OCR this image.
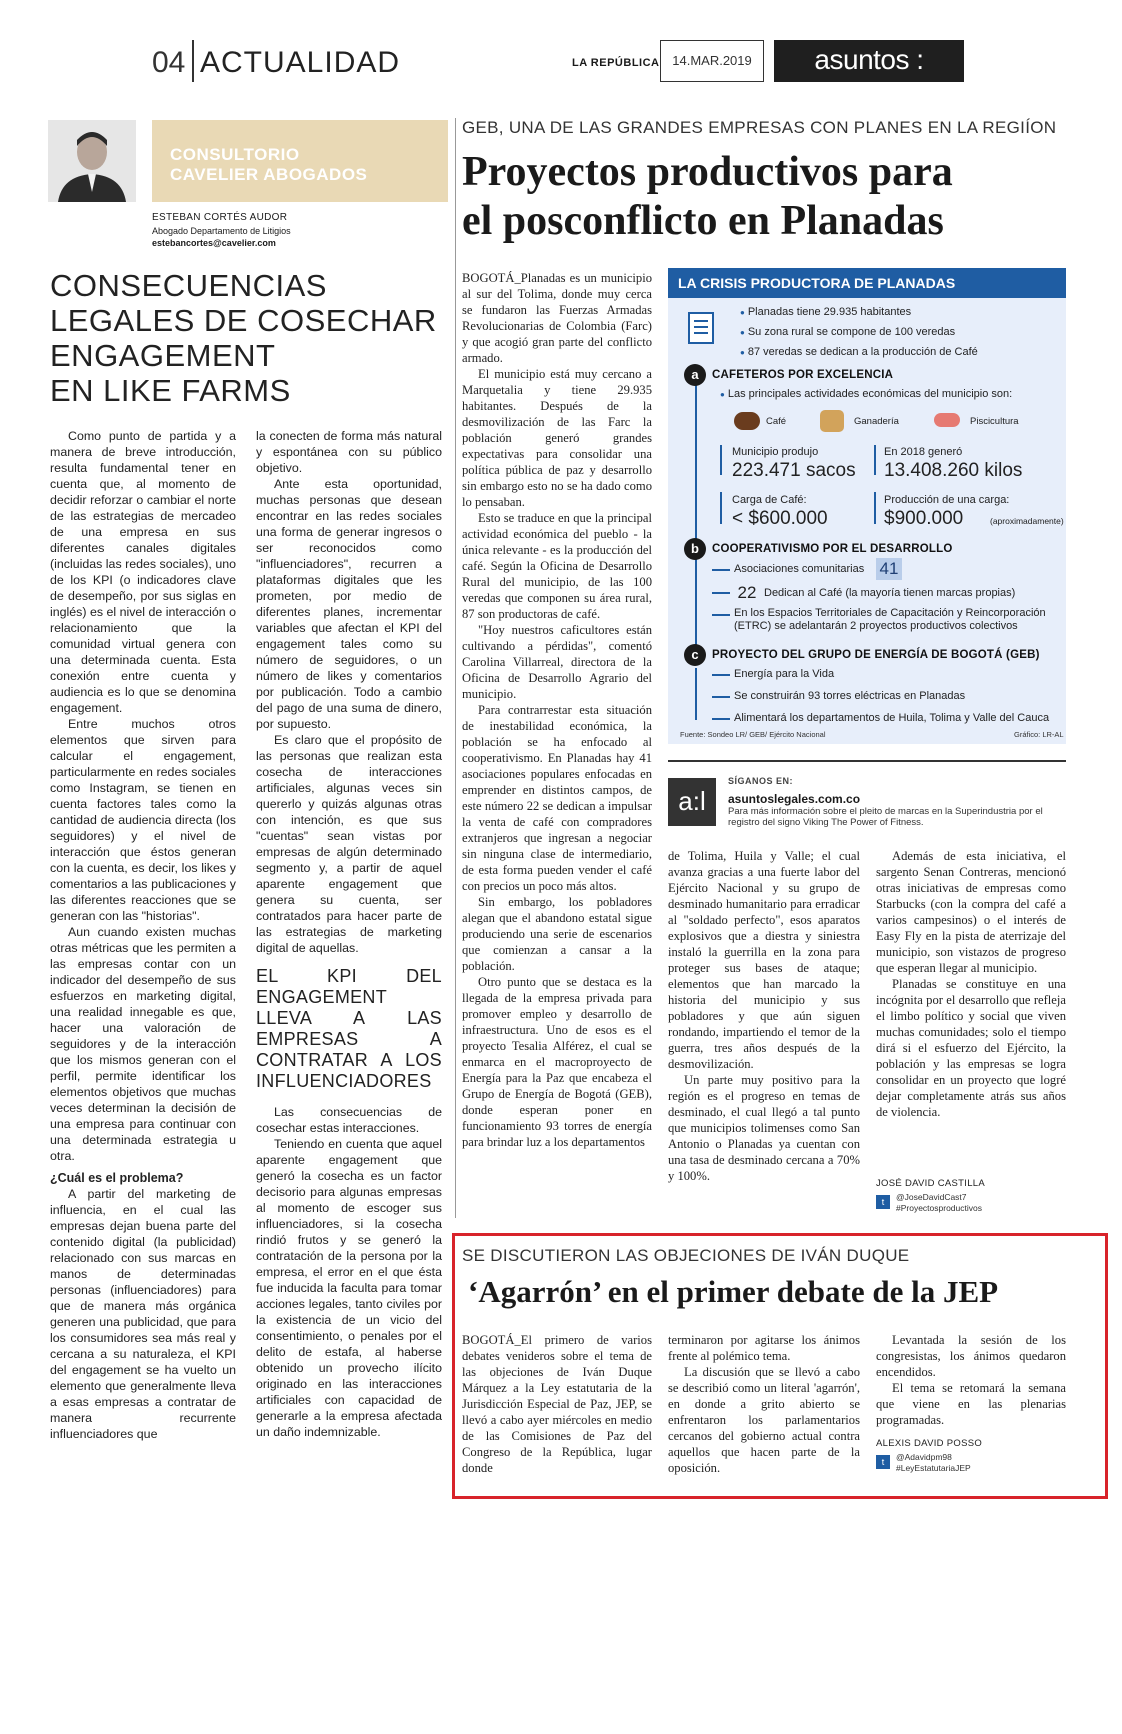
04 ACTUALIDAD	LA REPÚBLICA 14.MAR.2019	asuntos : legales
CONSULTORIO
CAVELIER ABOGADOS
ESTEBAN CORTÉS AUDOR
Abogado Departamento de Litigios
estebancortes@cavelier.com
CONSECUENCIAS
LEGALES DE COSECHAR
ENGAGEMENT
EN LIKE FARMS

Como punto de partida y a manera de breve introducción, resulta fundamental tener en cuenta que, al momento de decidir reforzar o cambiar el norte de las estrategias de mercadeo de una empresa en sus diferentes canales digitales (incluidas las redes sociales), uno de los KPI (o indicadores clave de desempeño, por sus siglas en inglés) es el nivel de interacción o relacionamiento que la comunidad virtual genera con una determinada cuenta. Esta conexión entre cuenta y audiencia es lo que se denomina engagement.

Entre muchos otros elementos que sirven para calcular el engagement, particularmente en redes sociales como Instagram, se tienen en cuenta factores tales como la cantidad de audiencia directa (los seguidores) y el nivel de interacción que éstos generan con la cuenta, es decir, los likes y comentarios a las publicaciones y las diferentes reacciones que se generan con las "historias".

Aun cuando existen muchas otras métricas que les permiten a las empresas contar con un indicador del desempeño de sus esfuerzos en marketing digital, una realidad innegable es que, hacer una valoración de seguidores y de la interacción que los mismos generan con el perfil, permite identificar los elementos objetivos que muchas veces determinan la decisión de una empresa para continuar con una determinada estrategia u otra.

¿Cuál es el problema?

A partir del marketing de influencia, en el cual las empresas dejan buena parte del contenido digital (la publicidad) relacionado con sus marcas en manos de determinadas personas (influenciadores) para que de manera más orgánica generen una publicidad, que para los consumidores sea más real y cercana a su naturaleza, el KPI del engagement se ha vuelto un elemento que generalmente lleva a esas empresas a contratar de manera recurrente influenciadores que

la conecten de forma más natural y espontánea con su público objetivo.

Ante esta oportunidad, muchas personas que desean encontrar en las redes sociales una forma de generar ingresos o ser reconocidos como "influenciadores", recurren a plataformas digitales que les prometen, por medio de diferentes planes, incrementar variables que afectan el KPI del engagement tales como su número de seguidores, o un número de likes y comentarios por publicación. Todo a cambio del pago de una suma de dinero, por supuesto.

Es claro que el propósito de las personas que realizan esta cosecha de interacciones artificiales, algunas veces sin quererlo y quizás algunas otras con intención, es que sus "cuentas" sean vistas por empresas de algún determinado segmento y, a partir de aquel aparente engagement que genera su cuenta, ser contratados para hacer parte de las estrategias de marketing digital de aquellas.

EL KPI DEL ENGAGEMENT LLEVA A LAS EMPRESAS A CONTRATAR A LOS INFLUENCIADORES

Las consecuencias de cosechar estas interacciones.

Teniendo en cuenta que aquel aparente engagement que generó la cosecha es un factor decisorio para algunas empresas al momento de escoger sus influenciadores, si la cosecha rindió frutos y se generó la contratación de la persona por la empresa, el error en el que ésta fue inducida la faculta para tomar acciones legales, tanto civiles por la existencia de un vicio del consentimiento, o penales por el delito de estafa, al haberse obtenido un provecho ilícito originado en las interacciones artificiales con capacidad de generarle a la empresa afectada un daño indemnizable.

GEB, UNA DE LAS GRANDES EMPRESAS CON PLANES EN LA REGIÍON
Proyectos productivos para
el posconflicto en Planadas

BOGOTÁ_Planadas es un municipio al sur del Tolima, donde muy cerca se fundaron las Fuerzas Armadas Revolucionarias de Colombia (Farc) y que acogió gran parte del conflicto armado.

El municipio está muy cercano a Marquetalia y tiene 29.935 habitantes. Después de la desmovilización de las Farc la población generó grandes expectativas para consolidar una política pública de paz y desarrollo sin embargo esto no se ha dado como lo pensaban.

Esto se traduce en que la principal actividad económica del pueblo - la única relevante - es la producción del café. Según la Oficina de Desarrollo Rural del municipio, de las 100 veredas que componen su área rural, 87 son productoras de café.

"Hoy nuestros caficultores están cultivando a pérdidas", comentó Carolina Villarreal, directora de la Oficina de Desarrollo Agrario del municipio.

Para contrarrestar esta situación de inestabilidad económica, la población se ha enfocado al cooperativismo. En Planadas hay 41 asociaciones populares enfocadas en emprender en distintos campos, de este número 22 se dedican a impulsar la venta de café con compradores extranjeros que ingresan a negociar sin ninguna clase de intermediario, de esta forma pueden vender el café con precios un poco más altos.

Sin embargo, los pobladores alegan que el abandono estatal sigue produciendo una serie de escenarios que comienzan a cansar a la población.

Otro punto que se destaca es la llegada de la empresa privada para promover empleo y desarrollo de infraestructura. Uno de esos es el proyecto Tesalia Alférez, el cual se enmarca en el macroproyecto de Energía para la Paz que encabeza el Grupo de Energía de Bogotá (GEB), donde esperan poner en funcionamiento 93 torres de energía para brindar luz a los departamentos

LA CRISIS PRODUCTORA DE PLANADAS
● Planadas tiene 29.935 habitantes
● Su zona rural se compone de 100 veredas
● 87 veredas se dedican a la producción de Café
a	CAFETEROS POR EXCELENCIA
● Las principales actividades económicas del municipio son:
Café	Ganadería	Piscicultura
Municipio produjo
223.471 sacos
En 2018 generó
13.408.260 kilos
Carga de Café:
< $600.000
Producción de una carga:
$900.000	(aproximadamente)
b	COOPERATIVISMO POR EL DESARROLLO
Asociaciones comunitarias 41
22 Dedican al Café (la mayoría tienen marcas propias)
En los Espacios Territoriales de Capacitación y Reincorporación (ETRC) se adelantarán 2 proyectos productivos colectivos
c	PROYECTO DEL GRUPO DE ENERGÍA DE BOGOTÁ (GEB)
Energía para la Vida
Se construirán 93 torres eléctricas en Planadas
Alimentará los departamentos de Huila, Tolima y Valle del Cauca
Fuente: Sondeo LR/ GEB/ Ejército Nacional	Gráfico: LR-AL
a:l
SÍGANOS EN:
asuntoslegales.com.co
Para más información sobre el pleito de marcas en la Superindustria por el registro del signo Viking The Power of Fitness.

de Tolima, Huila y Valle; el cual avanza gracias a una fuerte labor del Ejército Nacional y su grupo de desminado humanitario para erradicar al "soldado perfecto", esos aparatos explosivos que a diestra y siniestra instaló la guerrilla en la zona para proteger sus bases de ataque; elementos que han marcado la historia del municipio y sus pobladores y que aún siguen rondando, impartiendo el temor de la guerra, tres años después de la desmovilización.

Un parte muy positivo para la región es el progreso en temas de desminado, el cual llegó a tal punto que municipios tolimenses como San Antonio o Planadas ya cuentan con una tasa de desminado cercana a 70% y 100%.

Además de esta iniciativa, el sargento Senan Contreras, mencionó otras iniciativas de empresas como Starbucks (con la compra del café a varios campesinos) o el interés de Easy Fly en la pista de aterrizaje del municipio, son vistazos de progreso que esperan llegar al municipio.

Planadas se constituye en una incógnita por el desarrollo que refleja el limbo político y social que viven muchas comunidades; solo el tiempo dirá si el esfuerzo del Ejército, la población y las empresas se logra consolidar en un proyecto que logré dejar completamente atrás sus años de violencia.

JOSÉ DAVID CASTILLA
t	@JoseDavidCast7
#Proyectosproductivos
SE DISCUTIERON LAS OBJECIONES DE IVÁN DUQUE
‘Agarrón’ en el primer debate de la JEP

BOGOTÁ_El primero de varios debates venideros sobre el tema de las objeciones de Iván Duque Márquez a la Ley estatutaria de la Jurisdicción Especial de Paz, JEP, se llevó a cabo ayer miércoles en medio de las Comisiones de Paz del Congreso de la República, lugar donde

terminaron por agitarse los ánimos frente al polémico tema.

La discusión que se llevó a cabo se describió como un literal 'agarrón', en donde a grito abierto se enfrentaron los parlamentarios cercanos del gobierno actual contra aquellos que hacen parte de la oposición.

Levantada la sesión de los congresistas, los ánimos quedaron encendidos.

El tema se retomará la semana que viene en las plenarias programadas.

ALEXIS DAVID POSSO
t	@Adavidpm98
#LeyEstatutariaJEP
